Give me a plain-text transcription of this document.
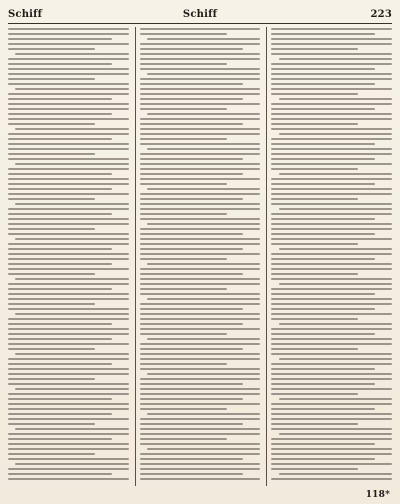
Schiff	Schiff	223
118*
